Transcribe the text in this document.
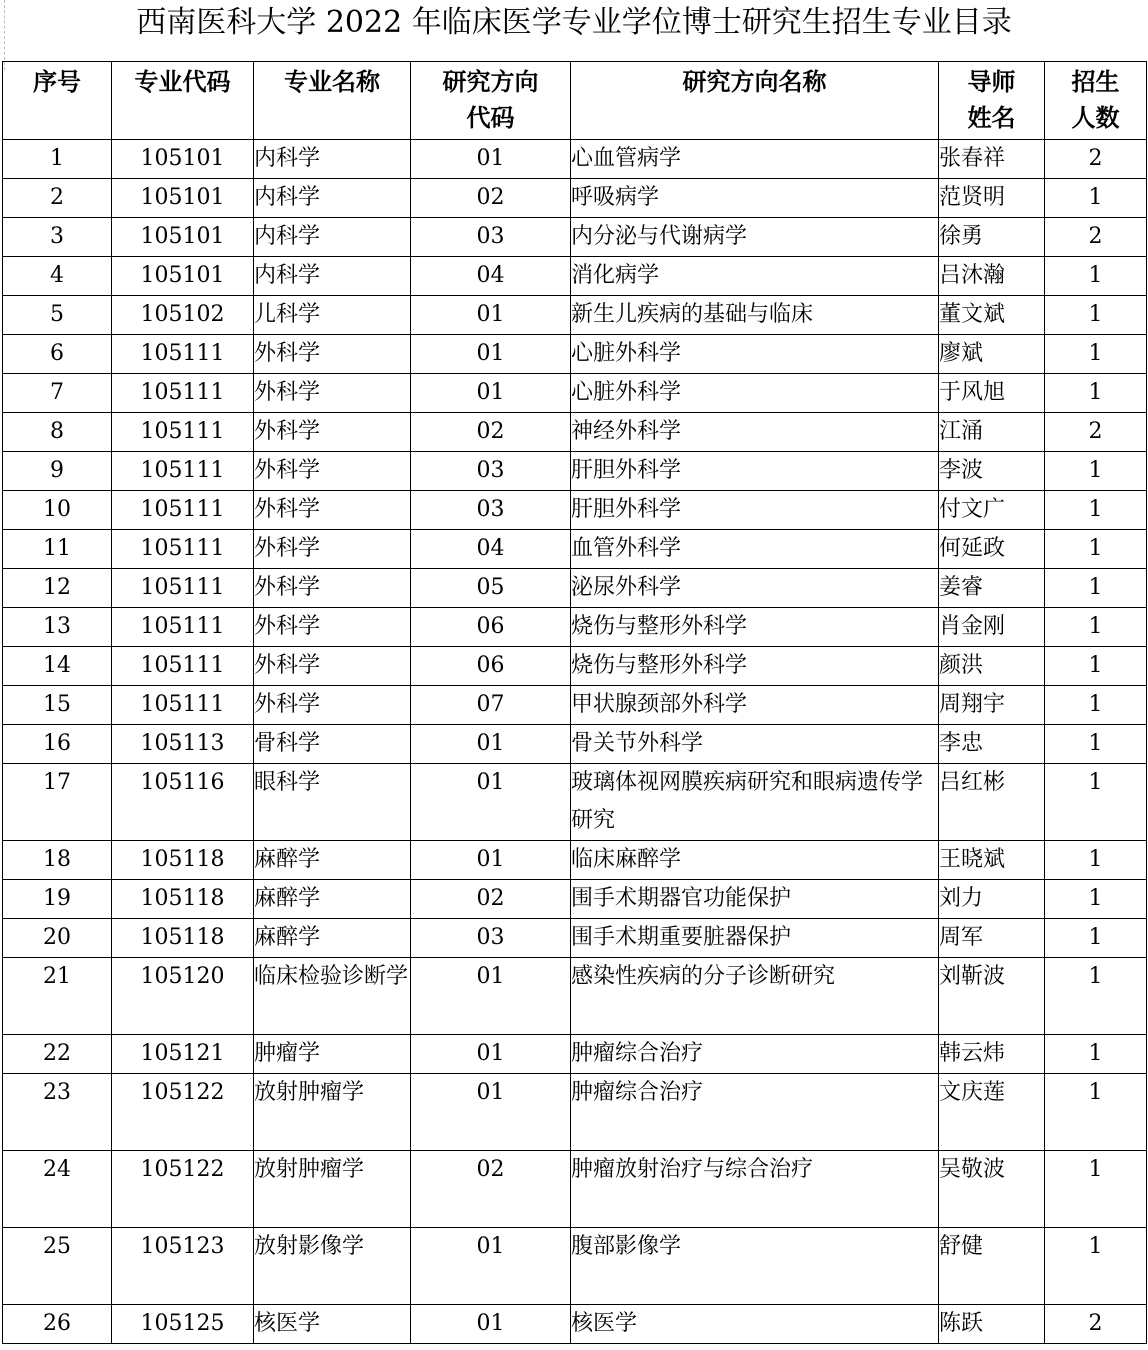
西南医科大学 2022 年临床医学专业学位博士研究生招生专业目录
序号	专业代码	专业名称	研究方向代码	研究方向名称	导师姓名	招生人数
1	105101	内科学	01	心血管病学	张春祥	2
2	105101	内科学	02	呼吸病学	范贤明	1
3	105101	内科学	03	内分泌与代谢病学	徐勇	2
4	105101	内科学	04	消化病学	吕沐瀚	1
5	105102	儿科学	01	新生儿疾病的基础与临床	董文斌	1
6	105111	外科学	01	心脏外科学	廖斌	1
7	105111	外科学	01	心脏外科学	于风旭	1
8	105111	外科学	02	神经外科学	江涌	2
9	105111	外科学	03	肝胆外科学	李波	1
10	105111	外科学	03	肝胆外科学	付文广	1
11	105111	外科学	04	血管外科学	何延政	1
12	105111	外科学	05	泌尿外科学	姜睿	1
13	105111	外科学	06	烧伤与整形外科学	肖金刚	1
14	105111	外科学	06	烧伤与整形外科学	颜洪	1
15	105111	外科学	07	甲状腺颈部外科学	周翔宇	1
16	105113	骨科学	01	骨关节外科学	李忠	1
17	105116	眼科学	01	玻璃体视网膜疾病研究和眼病遗传学研究	吕红彬	1
18	105118	麻醉学	01	临床麻醉学	王晓斌	1
19	105118	麻醉学	02	围手术期器官功能保护	刘力	1
20	105118	麻醉学	03	围手术期重要脏器保护	周军	1
21	105120	临床检验诊断学	01	感染性疾病的分子诊断研究	刘靳波	1
22	105121	肿瘤学	01	肿瘤综合治疗	韩云炜	1
23	105122	放射肿瘤学	01	肿瘤综合治疗	文庆莲	1
24	105122	放射肿瘤学	02	肿瘤放射治疗与综合治疗	吴敬波	1
25	105123	放射影像学	01	腹部影像学	舒健	1
26	105125	核医学	01	核医学	陈跃	2
